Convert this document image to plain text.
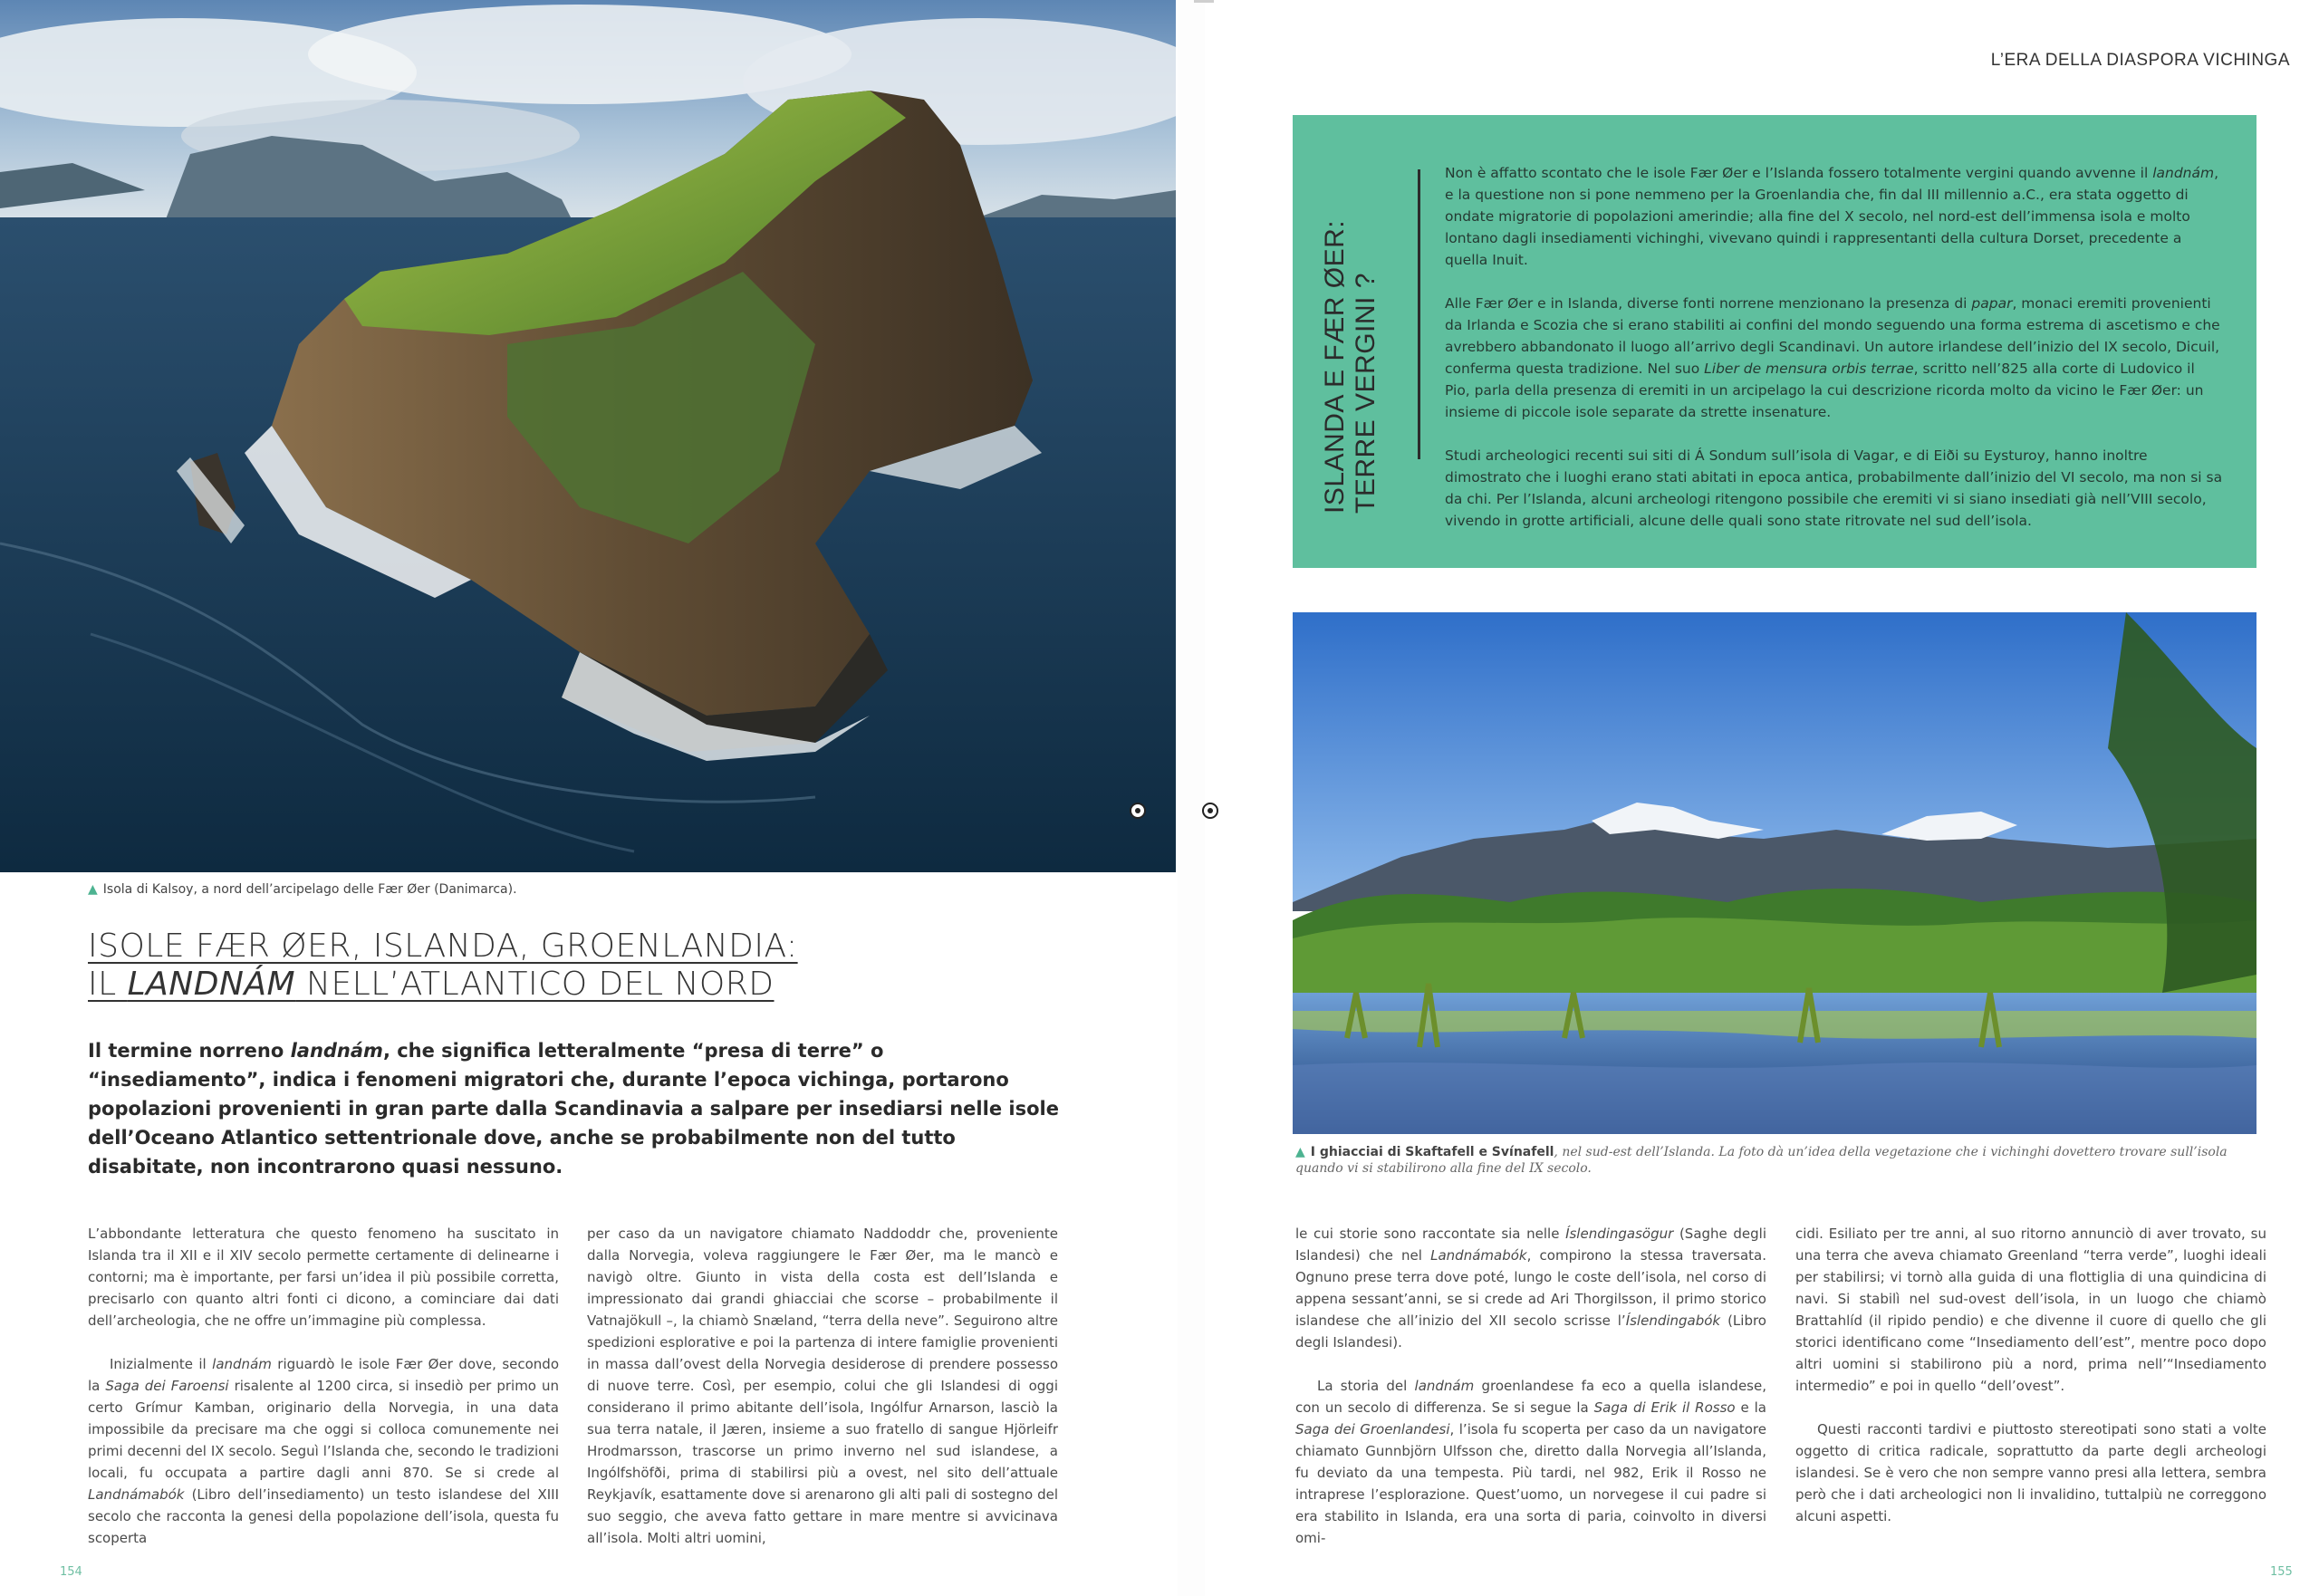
▲ Isola di Kalsoy, a nord dell’arcipelago delle Fær Øer (Danimarca).
ISOLE FÆR ØER, ISLANDA, GROENLANDIA:
IL LANDNÁM NELL’ATLANTICO DEL NORD
Il termine norreno landnám, che significa letteralmente “presa di terre” o “insediamento”, indica i fenomeni migratori che, durante l’epoca vichinga, portarono popolazioni provenienti in gran parte dalla Scandinavia a salpare per insediarsi nelle isole dell’Oceano Atlantico settentrionale dove, anche se probabilmente non del tutto disabitate, non incontrarono quasi nessuno.

L’abbondante letteratura che questo fenomeno ha suscitato in Islanda tra il XII e il XIV secolo permette certamente di delinearne i contorni; ma è importante, per farsi un’idea il più possibile corretta, precisarlo con quanto altri fonti ci dicono, a cominciare dai dati dell’archeologia, che ne offre un’immagine più complessa.

Inizialmente il landnám riguardò le isole Fær Øer dove, secondo la Saga dei Faroensi risalente al 1200 circa, si insediò per primo un certo Grímur Kamban, originario della Norvegia, in una data impossibile da precisare ma che oggi si colloca comunemente nei primi decenni del IX secolo. Seguì l’Islanda che, secondo le tradizioni locali, fu occupata a partire dagli anni 870. Se si crede al Landnámabók (Libro dell’insediamento) un testo islandese del XIII secolo che racconta la genesi della popolazione dell’isola, questa fu scoperta

per caso da un navigatore chiamato Naddoddr che, proveniente dalla Norvegia, voleva raggiungere le Fær Øer, ma le mancò e navigò oltre. Giunto in vista della costa est dell’Islanda e impressionato dai grandi ghiacciai che scorse – probabilmente il Vatnajökull –, la chiamò Snæland, “terra della neve”. Seguirono altre spedizioni esplorative e poi la partenza di intere famiglie provenienti in massa dall’ovest della Norvegia desiderose di prendere possesso di nuove terre. Così, per esempio, colui che gli Islandesi di oggi considerano il primo abitante dell’isola, Ingólfur Arnarson, lasciò la sua terra natale, il Jæren, insieme a suo fratello di sangue Hjörleifr Hrodmarsson, trascorse un primo inverno nel sud islandese, a Ingólfshöfði, prima di stabilirsi più a ovest, nel sito dell’attuale Reykjavík, esattamente dove si arenarono gli alti pali di sostegno del suo seggio, che aveva fatto gettare in mare mentre si avvicinava all’isola. Molti altri uomini,

154
L’ERA DELLA DIASPORA VICHINGA
ISLANDA E FÆR ØER: TERRE VERGINI ?

Non è affatto scontato che le isole Fær Øer e l’Islanda fossero totalmente vergini quando avvenne il landnám, e la questione non si pone nemmeno per la Groenlandia che, fin dal III millennio a.C., era stata oggetto di ondate migratorie di popolazioni amerindie; alla fine del X secolo, nel nord-est dell’immensa isola e molto lontano dagli insediamenti vichinghi, vivevano quindi i rappresentanti della cultura Dorset, precedente a quella Inuit.

Alle Fær Øer e in Islanda, diverse fonti norrene menzionano la presenza di papar, monaci eremiti provenienti da Irlanda e Scozia che si erano stabiliti ai confini del mondo seguendo una forma estrema di ascetismo e che avrebbero abbandonato il luogo all’arrivo degli Scandinavi. Un autore irlandese dell’inizio del IX secolo, Dicuil, conferma questa tradizione. Nel suo Liber de mensura orbis terrae, scritto nell’825 alla corte di Ludovico il Pio, parla della presenza di eremiti in un arcipelago la cui descrizione ricorda molto da vicino le Fær Øer: un insieme di piccole isole separate da strette insenature.

Studi archeologici recenti sui siti di Á Sondum sull’isola di Vagar, e di Eiði su Eysturoy, hanno inoltre dimostrato che i luoghi erano stati abitati in epoca antica, probabilmente dall’inizio del VI secolo, ma non si sa da chi. Per l’Islanda, alcuni archeologi ritengono possibile che eremiti vi si siano insediati già nell’VIII secolo, vivendo in grotte artificiali, alcune delle quali sono state ritrovate nel sud dell’isola.

▲ I ghiacciai di Skaftafell e Svínafell, nel sud-est dell’Islanda. La foto dà un’idea della vegetazione che i vichinghi dovettero trovare sull’isola quando vi si stabilirono alla fine del IX secolo.

le cui storie sono raccontate sia nelle Íslendingasögur (Saghe degli Islandesi) che nel Landnámabók, compirono la stessa traversata. Ognuno prese terra dove poté, lungo le coste dell’isola, nel corso di appena sessant’anni, se si crede ad Ari Thorgilsson, il primo storico islandese che all’inizio del XII secolo scrisse l’Íslendingabók (Libro degli Islandesi).

La storia del landnám groenlandese fa eco a quella islandese, con un secolo di differenza. Se si segue la Saga di Erik il Rosso e la Saga dei Groenlandesi, l’isola fu scoperta per caso da un navigatore chiamato Gunnbjörn Ulfsson che, diretto dalla Norvegia all’Islanda, fu deviato da una tempesta. Più tardi, nel 982, Erik il Rosso ne intraprese l’esplorazione. Quest’uomo, un norvegese il cui padre si era stabilito in Islanda, era una sorta di paria, coinvolto in diversi omi-

cidi. Esiliato per tre anni, al suo ritorno annunciò di aver trovato, su una terra che aveva chiamato Greenland “terra verde”, luoghi ideali per stabilirsi; vi tornò alla guida di una flottiglia di una quindicina di navi. Si stabilì nel sud-ovest dell’isola, in un luogo che chiamò Brattahlíd (il ripido pendio) e che divenne il cuore di quello che gli storici identificano come “Insediamento dell’est”, mentre poco dopo altri uomini si stabilirono più a nord, prima nell’“Insediamento intermedio” e poi in quello “dell’ovest”.

Questi racconti tardivi e piuttosto stereotipati sono stati a volte oggetto di critica radicale, soprattutto da parte degli archeologi islandesi. Se è vero che non sempre vanno presi alla lettera, sembra però che i dati archeologici non li invalidino, tuttalpiù ne correggono alcuni aspetti.

155
